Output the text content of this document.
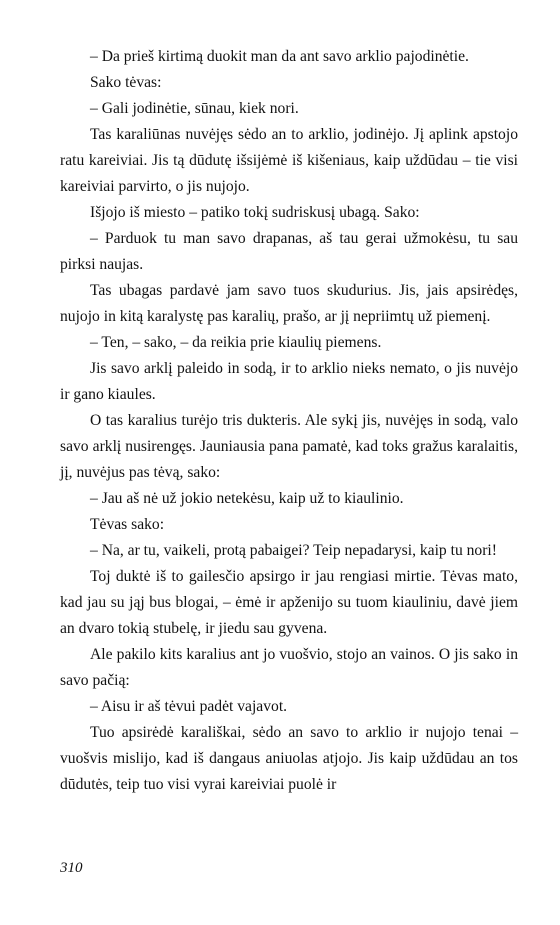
– Da prieš kirtimą duokit man da ant savo arklio pajodinėtie.

Sako tėvas:

– Gali jodinėtie, sūnau, kiek nori.

Tas karaliūnas nuvėjęs sėdo an to arklio, jodinėjo. Jį aplink apstojo ratu kareiviai. Jis tą dūdutę išsijėmė iš kišeniaus, kaip uždūdau – tie visi kareiviai parvirto, o jis nujojo.

Išjojo iš miesto – patiko tokį sudriskusį ubagą. Sako:

– Parduok tu man savo drapanas, aš tau gerai užmokėsu, tu sau pirksi naujas.

Tas ubagas pardavė jam savo tuos skudurius. Jis, jais apsirėdęs, nujojo in kitą karalystę pas karalių, prašo, ar jį nepriimtų už piemenį.

– Ten, – sako, – da reikia prie kiaulių piemens.

Jis savo arklį paleido in sodą, ir to arklio nieks nemato, o jis nuvėjo ir gano kiaules.

O tas karalius turėjo tris dukteris. Ale sykį jis, nuvėjęs in sodą, valo savo arklį nusirengęs. Jauniausia pana pamatė, kad toks gražus karalaitis, jį, nuvėjus pas tėvą, sako:

– Jau aš nė už jokio netekėsu, kaip už to kiaulinio.

Tėvas sako:

– Na, ar tu, vaikeli, protą pabaigei? Teip nepadarysi, kaip tu nori!

Toj duktė iš to gailesčio apsirgo ir jau rengiasi mirtie. Tėvas mato, kad jau su jąj bus blogai, – ėmė ir apženijo su tuom kiauliniu, davė jiem an dvaro tokią stubelę, ir jiedu sau gyvena.

Ale pakilo kits karalius ant jo vuošvio, stojo an vainos. O jis sako in savo pačią:

– Aisu ir aš tėvui padėt vajavot.

Tuo apsirėdė karališkai, sėdo an savo to arklio ir nujojo tenai – vuošvis mislijo, kad iš dangaus aniuolas atjojo. Jis kaip uždūdau an tos dūdutės, teip tuo visi vyrai kareiviai puolė ir

310
